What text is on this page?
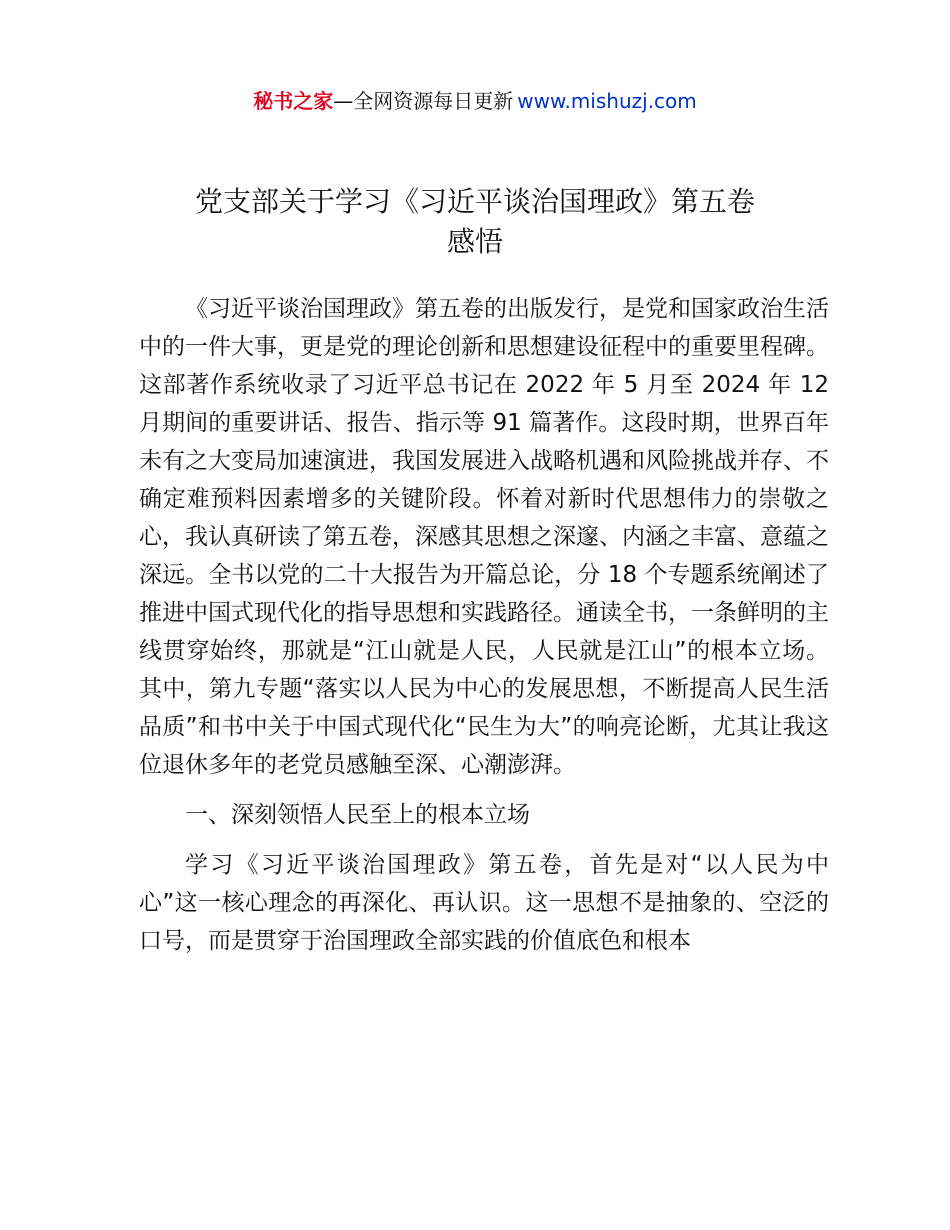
秘书之家—全网资源每日更新 www.mishuzj.com
党支部关于学习《习近平谈治国理政》第五卷
感悟

《习近平谈治国理政》第五卷的出版发行，是党和国家政治生活中的一件大事，更是党的理论创新和思想建设征程中的重要里程碑。这部著作系统收录了习近平总书记在 2022 年 5 月至 2024 年 12 月期间的重要讲话、报告、指示等 91 篇著作。这段时期，世界百年未有之大变局加速演进，我国发展进入战略机遇和风险挑战并存、不确定难预料因素增多的关键阶段。怀着对新时代思想伟力的崇敬之心，我认真研读了第五卷，深感其思想之深邃、内涵之丰富、意蕴之深远。全书以党的二十大报告为开篇总论，分 18 个专题系统阐述了推进中国式现代化的指导思想和实践路径。通读全书，一条鲜明的主线贯穿始终，那就是“江山就是人民，人民就是江山”的根本立场。其中，第九专题“落实以人民为中心的发展思想，不断提高人民生活品质”和书中关于中国式现代化“民生为大”的响亮论断，尤其让我这位退休多年的老党员感触至深、心潮澎湃。

一、深刻领悟人民至上的根本立场

学习《习近平谈治国理政》第五卷，首先是对“以人民为中心”这一核心理念的再深化、再认识。这一思想不是抽象的、空泛的口号，而是贯穿于治国理政全部实践的价值底色和根本
